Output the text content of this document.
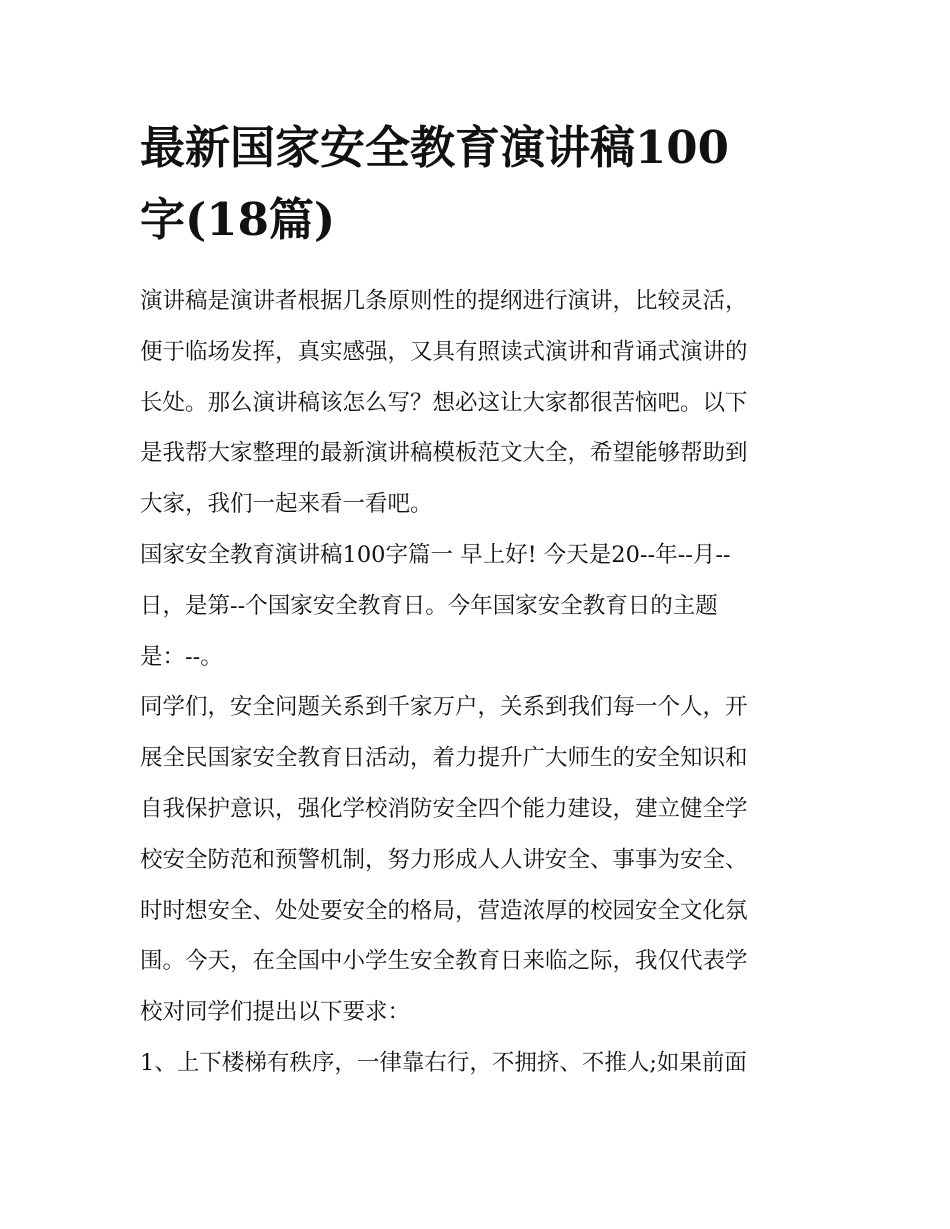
最新国家安全教育演讲稿100
字(18篇)

演讲稿是演讲者根据几条原则性的提纲进行演讲，比较灵活，
便于临场发挥，真实感强，又具有照读式演讲和背诵式演讲的
长处。那么演讲稿该怎么写？想必这让大家都很苦恼吧。以下
是我帮大家整理的最新演讲稿模板范文大全，希望能够帮助到
大家，我们一起来看一看吧。

国家安全教育演讲稿100字篇一 早上好! 今天是20--年--月--
日，是第--个国家安全教育日。今年国家安全教育日的主题
是：--。

同学们，安全问题关系到千家万户，关系到我们每一个人，开
展全民国家安全教育日活动，着力提升广大师生的安全知识和
自我保护意识，强化学校消防安全四个能力建设，建立健全学
校安全防范和预警机制，努力形成人人讲安全、事事为安全、
时时想安全、处处要安全的格局，营造浓厚的校园安全文化氛
围。今天，在全国中小学生安全教育日来临之际，我仅代表学
校对同学们提出以下要求：

1、上下楼梯有秩序，一律靠右行，不拥挤、不推人;如果前面
